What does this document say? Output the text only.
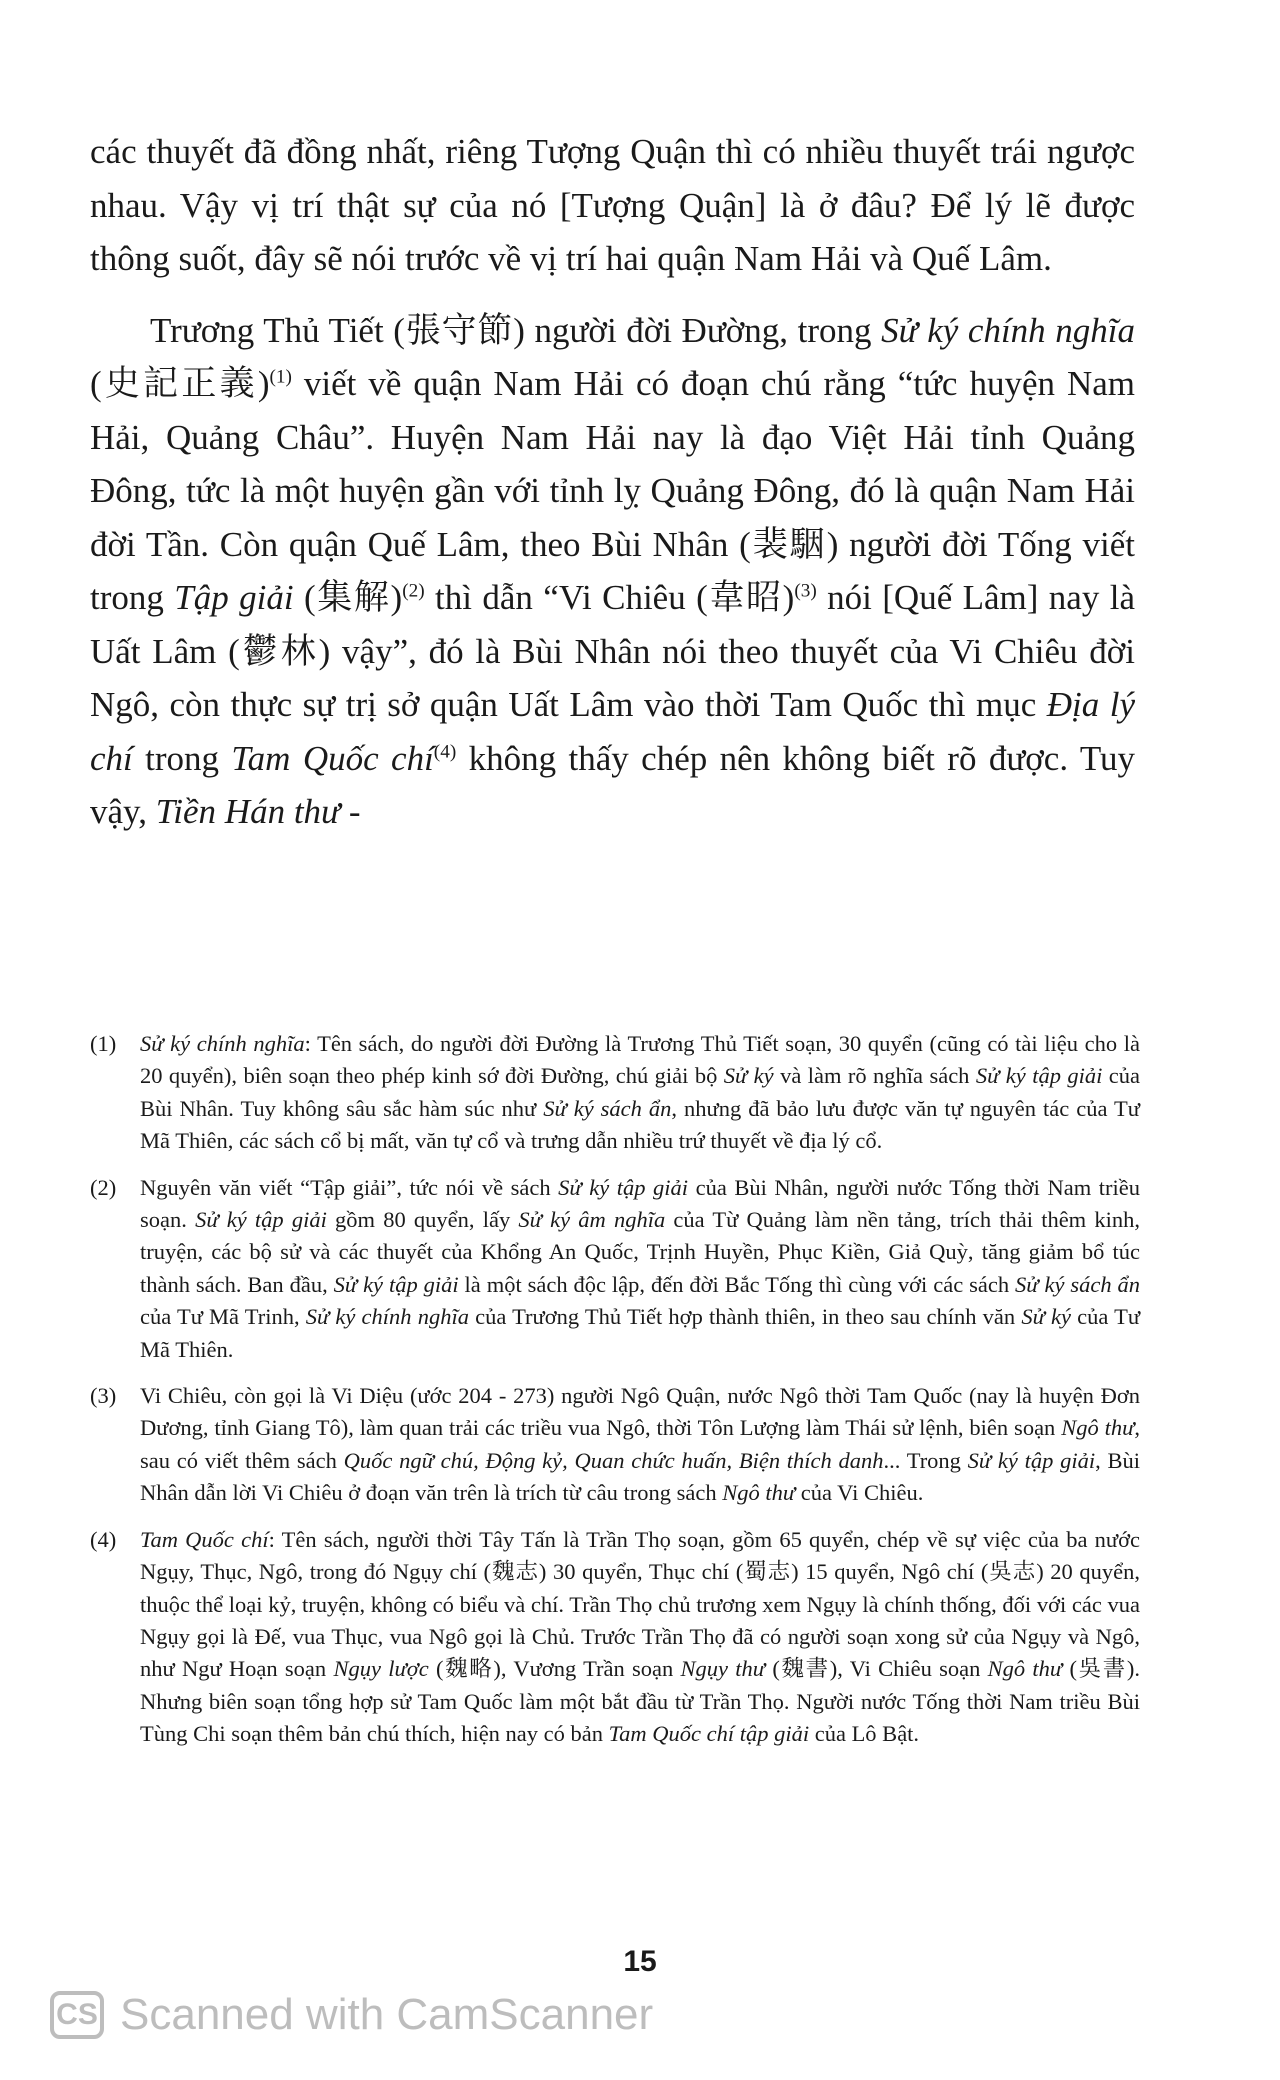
các thuyết đã đồng nhất, riêng Tượng Quận thì có nhiều thuyết trái ngược nhau. Vậy vị trí thật sự của nó [Tượng Quận] là ở đâu? Để lý lẽ được thông suốt, đây sẽ nói trước về vị trí hai quận Nam Hải và Quế Lâm.

Trương Thủ Tiết (張守節) người đời Đường, trong Sử ký chính nghĩa (史記正義)$^{(1)}$ viết về quận Nam Hải có đoạn chú rằng “tức huyện Nam Hải, Quảng Châu”. Huyện Nam Hải nay là đạo Việt Hải tỉnh Quảng Đông, tức là một huyện gần với tỉnh lỵ Quảng Đông, đó là quận Nam Hải đời Tần. Còn quận Quế Lâm, theo Bùi Nhân (裴駰) người đời Tống viết trong Tập giải (集解)$^{(2)}$ thì dẫn “Vi Chiêu (韋昭)$^{(3)}$ nói [Quế Lâm] nay là Uất Lâm (鬱林) vậy”, đó là Bùi Nhân nói theo thuyết của Vi Chiêu đời Ngô, còn thực sự trị sở quận Uất Lâm vào thời Tam Quốc thì mục Địa lý chí trong Tam Quốc chí$^{(4)}$ không thấy chép nên không biết rõ được. Tuy vậy, Tiền Hán thư -

(1)	Sử ký chính nghĩa: Tên sách, do người đời Đường là Trương Thủ Tiết soạn, 30 quyển (cũng có tài liệu cho là 20 quyển), biên soạn theo phép kinh sớ đời Đường, chú giải bộ Sử ký và làm rõ nghĩa sách Sử ký tập giải của Bùi Nhân. Tuy không sâu sắc hàm súc như Sử ký sách ẩn, nhưng đã bảo lưu được văn tự nguyên tác của Tư Mã Thiên, các sách cổ bị mất, văn tự cổ và trưng dẫn nhiều trứ thuyết về địa lý cổ.
(2)	Nguyên văn viết “Tập giải”, tức nói về sách Sử ký tập giải của Bùi Nhân, người nước Tống thời Nam triều soạn. Sử ký tập giải gồm 80 quyển, lấy Sử ký âm nghĩa của Từ Quảng làm nền tảng, trích thải thêm kinh, truyện, các bộ sử và các thuyết của Khổng An Quốc, Trịnh Huyền, Phục Kiền, Giả Quỳ, tăng giảm bổ túc thành sách. Ban đầu, Sử ký tập giải là một sách độc lập, đến đời Bắc Tống thì cùng với các sách Sử ký sách ẩn của Tư Mã Trinh, Sử ký chính nghĩa của Trương Thủ Tiết hợp thành thiên, in theo sau chính văn Sử ký của Tư Mã Thiên.
(3)	Vi Chiêu, còn gọi là Vi Diệu (ước 204 - 273) người Ngô Quận, nước Ngô thời Tam Quốc (nay là huyện Đơn Dương, tỉnh Giang Tô), làm quan trải các triều vua Ngô, thời Tôn Lượng làm Thái sử lệnh, biên soạn Ngô thư, sau có viết thêm sách Quốc ngữ chú, Động kỷ, Quan chức huấn, Biện thích danh... Trong Sử ký tập giải, Bùi Nhân dẫn lời Vi Chiêu ở đoạn văn trên là trích từ câu trong sách Ngô thư của Vi Chiêu.
(4)	Tam Quốc chí: Tên sách, người thời Tây Tấn là Trần Thọ soạn, gồm 65 quyển, chép về sự việc của ba nước Ngụy, Thục, Ngô, trong đó Ngụy chí (魏志) 30 quyển, Thục chí (蜀志) 15 quyển, Ngô chí (吳志) 20 quyển, thuộc thể loại kỷ, truyện, không có biểu và chí. Trần Thọ chủ trương xem Ngụy là chính thống, đối với các vua Ngụy gọi là Đế, vua Thục, vua Ngô gọi là Chủ. Trước Trần Thọ đã có người soạn xong sử của Ngụy và Ngô, như Ngư Hoạn soạn Ngụy lược (魏略), Vương Trần soạn Ngụy thư (魏書), Vi Chiêu soạn Ngô thư (吳書). Nhưng biên soạn tổng hợp sử Tam Quốc làm một bắt đầu từ Trần Thọ. Người nước Tống thời Nam triều Bùi Tùng Chi soạn thêm bản chú thích, hiện nay có bản Tam Quốc chí tập giải của Lô Bật.
15
CS Scanned with CamScanner
